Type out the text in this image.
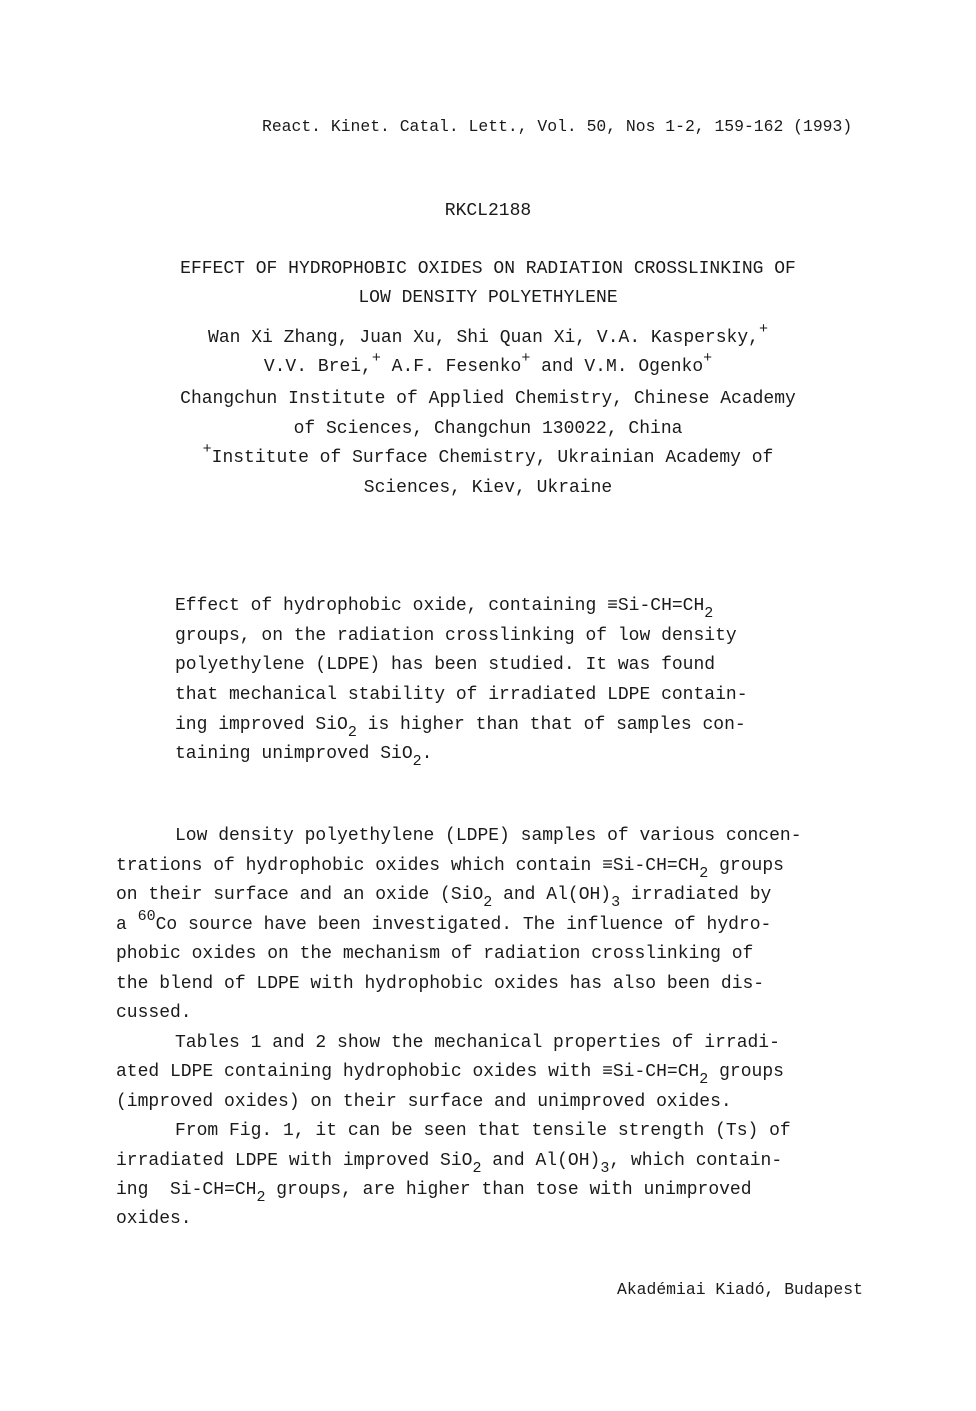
React. Kinet. Catal. Lett., Vol. 50, Nos 1-2, 159-162 (1993)
RKCL2188
EFFECT OF HYDROPHOBIC OXIDES ON RADIATION CROSSLINKING OF
LOW DENSITY POLYETHYLENE
Wan Xi Zhang, Juan Xu, Shi Quan Xi, V.A. Kaspersky,+
V.V. Brei,+ A.F. Fesenko+ and V.M. Ogenko+
Changchun Institute of Applied Chemistry, Chinese Academy
of Sciences, Changchun 130022, China
+Institute of Surface Chemistry, Ukrainian Academy of
Sciences, Kiev, Ukraine
Effect of hydrophobic oxide, containing $\equiv Si-CH=CH_2$
groups, on the radiation crosslinking of low density
polyethylene (LDPE) has been studied. It was found
that mechanical stability of irradiated LDPE contain-
ing improved SiO$_2$ is higher than that of samples con-
taining unimproved SiO$_2$.
Low density polyethylene (LDPE) samples of various concen-
trations of hydrophobic oxides which contain $\equiv Si-CH=CH_2$ groups
on their surface and an oxide (SiO$_2$ and $Al(OH)_3$ irradiated by
a $^{60}$Co source have been investigated. The influence of hydro-
phobic oxides on the mechanism of radiation crosslinking of
the blend of LDPE with hydrophobic oxides has also been dis-
cussed.
Tables 1 and 2 show the mechanical properties of irradi-
ated LDPE containing hydrophobic oxides with $\equiv Si-CH=CH_2$ groups
(improved oxides) on their surface and unimproved oxides.
From Fig. 1, it can be seen that tensile strength (Ts) of
irradiated LDPE with improved SiO$_2$ and $Al(OH)_3$, which contain-
ing  $Si-CH=CH_2$ groups, are higher than tose with unimproved
oxides.
Akadémiai Kiadó, Budapest
